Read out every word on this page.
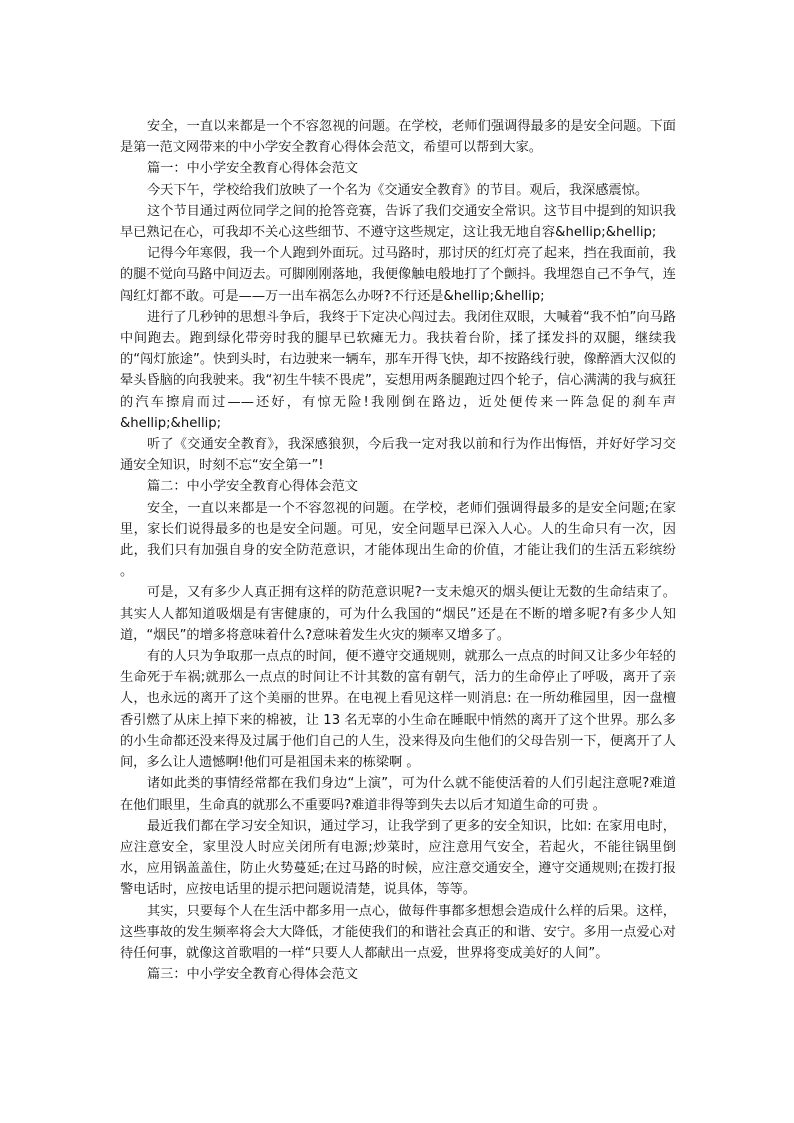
安全，一直以来都是一个不容忽视的问题。在学校，老师们强调得最多的是安全问题。下面是第一范文网带来的中小学安全教育心得体会范文，希望可以帮到大家。

篇一：中小学安全教育心得体会范文

今天下午，学校给我们放映了一个名为《交通安全教育》的节目。观后，我深感震惊。

这个节目通过两位同学之间的抢答竞赛，告诉了我们交通安全常识。这节目中提到的知识我早已熟记在心，可我却不关心这些细节、不遵守这些规定，这让我无地自容&hellip;&hellip;

记得今年寒假，我一个人跑到外面玩。过马路时，那讨厌的红灯亮了起来，挡在我面前，我的腿不觉向马路中间迈去。可脚刚刚落地，我便像触电般地打了个颤抖。我埋怨自己不争气，连闯红灯都不敢。可是——万一出车祸怎么办呀?不行还是&hellip;&hellip;

进行了几秒钟的思想斗争后，我终于下定决心闯过去。我闭住双眼，大喊着“我不怕”向马路中间跑去。跑到绿化带旁时我的腿早已软瘫无力。我扶着台阶，揉了揉发抖的双腿，继续我的“闯灯旅途”。快到头时，右边驶来一辆车，那车开得飞快，却不按路线行驶，像醉酒大汉似的晕头昏脑的向我驶来。我“初生牛犊不畏虎”，妄想用两条腿跑过四个轮子，信心满满的我与疯狂的汽车擦肩而过——还好，有惊无险!我刚倒在路边，近处便传来一阵急促的刹车声&hellip;&hellip;

听了《交通安全教育》，我深感狼狈，今后我一定对我以前和行为作出悔悟，并好好学习交通安全知识，时刻不忘“安全第一”!

篇二：中小学安全教育心得体会范文

安全，一直以来都是一个不容忽视的问题。在学校，老师们强调得最多的是安全问题;在家里，家长们说得最多的也是安全问题。可见，安全问题早已深入人心。人的生命只有一次，因此，我们只有加强自身的安全防范意识，才能体现出生命的价值，才能让我们的生活五彩缤纷 。

可是，又有多少人真正拥有这样的防范意识呢?一支未熄灭的烟头便让无数的生命结束了。其实人人都知道吸烟是有害健康的，可为什么我国的“烟民”还是在不断的增多呢?有多少人知道，“烟民”的增多将意味着什么?意味着发生火灾的频率又增多了。

有的人只为争取那一点点的时间，便不遵守交通规则，就那么一点点的时间又让多少年轻的生命死于车祸;就那么一点点的时间让不计其数的富有朝气，活力的生命停止了呼吸，离开了亲人，也永远的离开了这个美丽的世界。在电视上看见这样一则消息: 在一所幼稚园里，因一盘檀香引燃了从床上掉下来的棉被，让 13 名无辜的小生命在睡眠中悄然的离开了这个世界。那么多的小生命都还没来得及过属于他们自己的人生，没来得及向生他们的父母告别一下，便离开了人间，多么让人遗憾啊!他们可是祖国未来的栋梁啊 。

诸如此类的事情经常都在我们身边“上演”，可为什么就不能使活着的人们引起注意呢?难道在他们眼里，生命真的就那么不重要吗?难道非得等到失去以后才知道生命的可贵 。

最近我们都在学习安全知识，通过学习，让我学到了更多的安全知识，比如: 在家用电时，应注意安全，家里没人时应关闭所有电源;炒菜时，应注意用气安全，若起火，不能往锅里倒水，应用锅盖盖住，防止火势蔓延;在过马路的时候，应注意交通安全，遵守交通规则;在拨打报警电话时，应按电话里的提示把问题说清楚，说具体，等等。

其实，只要每个人在生活中都多用一点心，做每件事都多想想会造成什么样的后果。这样，这些事故的发生频率将会大大降低，才能使我们的和谐社会真正的和谐、安宁。多用一点爱心对待任何事，就像这首歌唱的一样“只要人人都献出一点爱，世界将变成美好的人间”。

篇三：中小学安全教育心得体会范文
